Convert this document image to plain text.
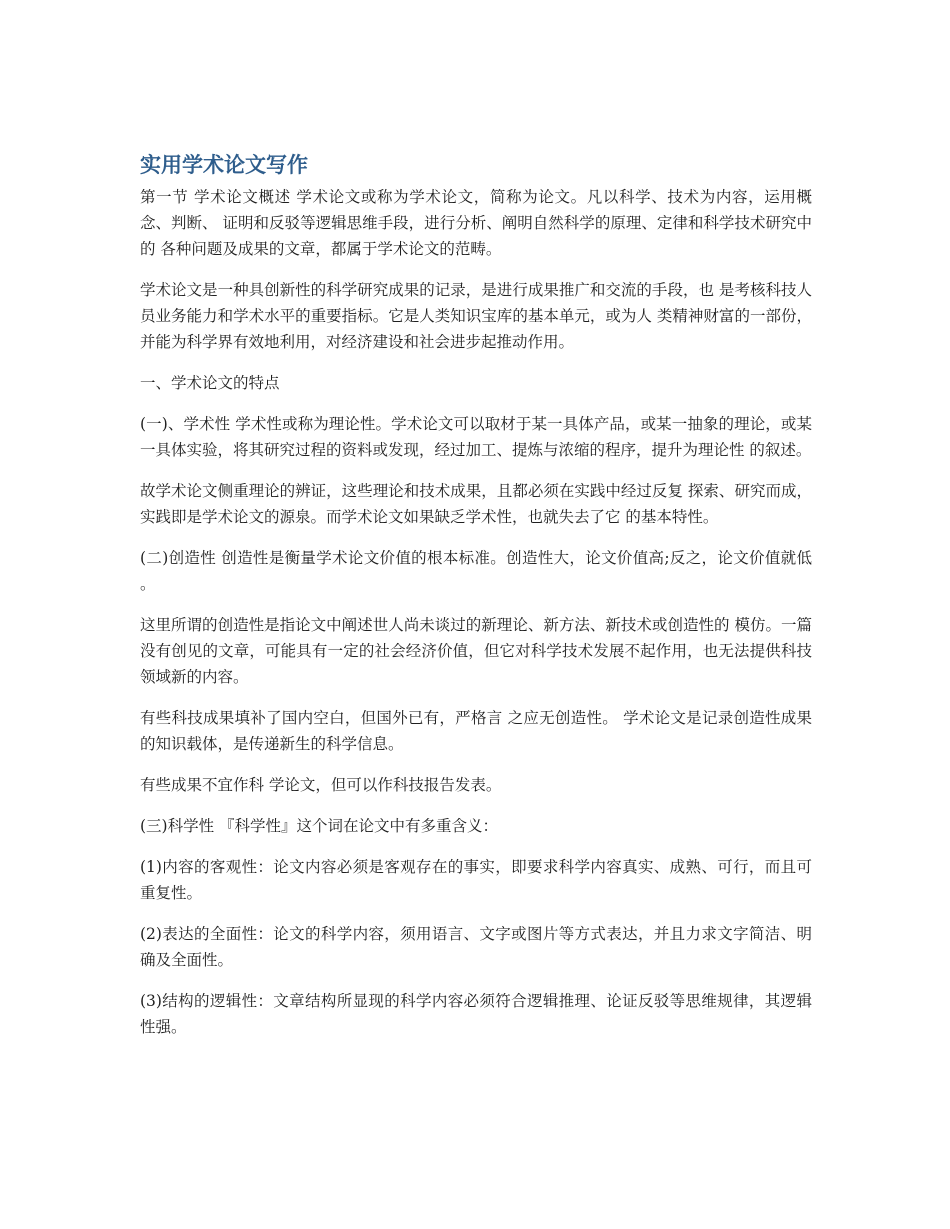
实用学术论文写作

第一节 学术论文概述 学术论文或称为学术论文，简称为论文。凡以科学、技术为内容，运用概念、判断、 证明和反驳等逻辑思维手段，进行分析、阐明自然科学的原理、定律和科学技术研究中的 各种问题及成果的文章，都属于学术论文的范畴。

学术论文是一种具创新性的科学研究成果的记录，是进行成果推广和交流的手段，也 是考核科技人员业务能力和学术水平的重要指标。它是人类知识宝库的基本单元，或为人 类精神财富的一部份，并能为科学界有效地利用，对经济建设和社会进步起推动作用。

一、学术论文的特点

(一)、学术性 学术性或称为理论性。学术论文可以取材于某一具体产品，或某一抽象的理论，或某 一具体实验，将其研究过程的资料或发现，经过加工、提炼与浓缩的程序，提升为理论性 的叙述。

故学术论文侧重理论的辨证，这些理论和技术成果，且都必须在实践中经过反复 探索、研究而成，实践即是学术论文的源泉。而学术论文如果缺乏学术性，也就失去了它 的基本特性。

(二)创造性 创造性是衡量学术论文价值的根本标准。创造性大，论文价值高;反之，论文价值就低 。

这里所谓的创造性是指论文中阐述世人尚未谈过的新理论、新方法、新技术或创造性的 模仿。一篇没有创见的文章，可能具有一定的社会经济价值，但它对科学技术发展不起作用，也无法提供科技领域新的内容。

有些科技成果填补了国内空白，但国外已有，严格言 之应无创造性。 学术论文是记录创造性成果的知识载体，是传递新生的科学信息。

有些成果不宜作科 学论文，但可以作科技报告发表。

(三)科学性 『科学性』这个词在论文中有多重含义：

(1)内容的客观性：论文内容必须是客观存在的事实，即要求科学内容真实、成熟、可行，而且可重复性。

(2)表达的全面性：论文的科学内容，须用语言、文字或图片等方式表达，并且力求文字简洁、明确及全面性。

(3)结构的逻辑性：文章结构所显现的科学内容必须符合逻辑推理、论证反驳等思维规律，其逻辑性强。
